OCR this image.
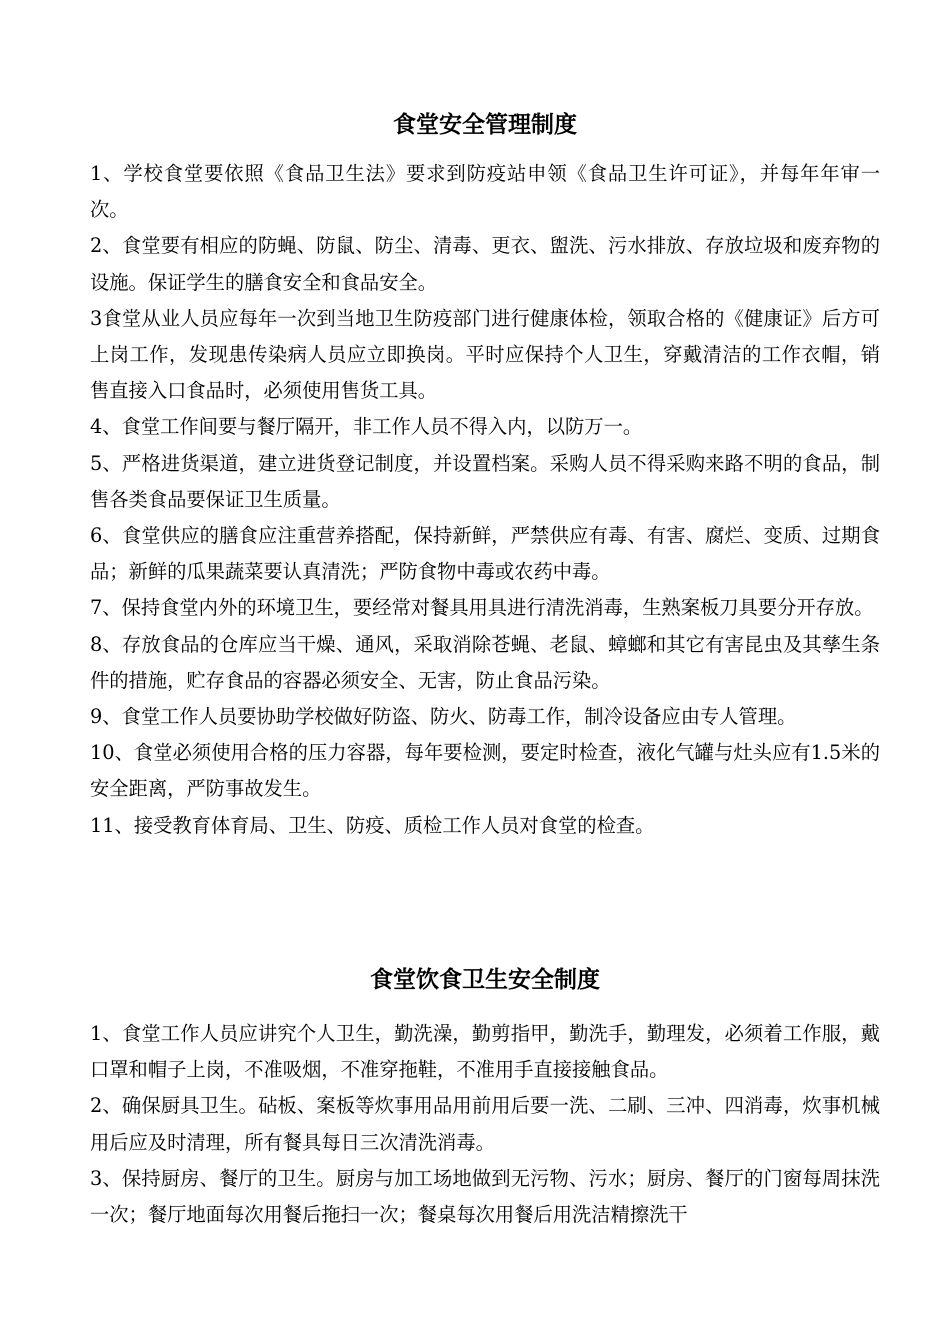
食堂安全管理制度

1、学校食堂要依照《食品卫生法》要求到防疫站申领《食品卫生许可证》，并每年年审一次。

2、食堂要有相应的防蝇、防鼠、防尘、清毒、更衣、盥洗、污水排放、存放垃圾和废弃物的设施。保证学生的膳食安全和食品安全。

3食堂从业人员应每年一次到当地卫生防疫部门进行健康体检，领取合格的《健康证》后方可上岗工作，发现患传染病人员应立即换岗。平时应保持个人卫生，穿戴清洁的工作衣帽，销售直接入口食品时，必须使用售货工具。

4、食堂工作间要与餐厅隔开，非工作人员不得入内，以防万一。

5、严格进货渠道，建立进货登记制度，并设置档案。采购人员不得采购来路不明的食品，制售各类食品要保证卫生质量。

6、食堂供应的膳食应注重营养搭配，保持新鲜，严禁供应有毒、有害、腐烂、变质、过期食品；新鲜的瓜果蔬菜要认真清洗；严防食物中毒或农药中毒。

7、保持食堂内外的环境卫生，要经常对餐具用具进行清洗消毒，生熟案板刀具要分开存放。

8、存放食品的仓库应当干燥、通风，采取消除苍蝇、老鼠、蟑螂和其它有害昆虫及其孳生条件的措施，贮存食品的容器必须安全、无害，防止食品污染。

9、食堂工作人员要协助学校做好防盗、防火、防毒工作，制冷设备应由专人管理。

10、食堂必须使用合格的压力容器，每年要检测，要定时检查，液化气罐与灶头应有1.5米的安全距离，严防事故发生。

11、接受教育体育局、卫生、防疫、质检工作人员对食堂的检查。

食堂饮食卫生安全制度

1、食堂工作人员应讲究个人卫生，勤洗澡，勤剪指甲，勤洗手，勤理发，必须着工作服，戴口罩和帽子上岗，不准吸烟，不准穿拖鞋，不准用手直接接触食品。

2、确保厨具卫生。砧板、案板等炊事用品用前用后要一洗、二刷、三冲、四消毒，炊事机械用后应及时清理，所有餐具每日三次清洗消毒。

3、保持厨房、餐厅的卫生。厨房与加工场地做到无污物、污水；厨房、餐厅的门窗每周抹洗一次；餐厅地面每次用餐后拖扫一次；餐桌每次用餐后用洗洁精擦洗干
